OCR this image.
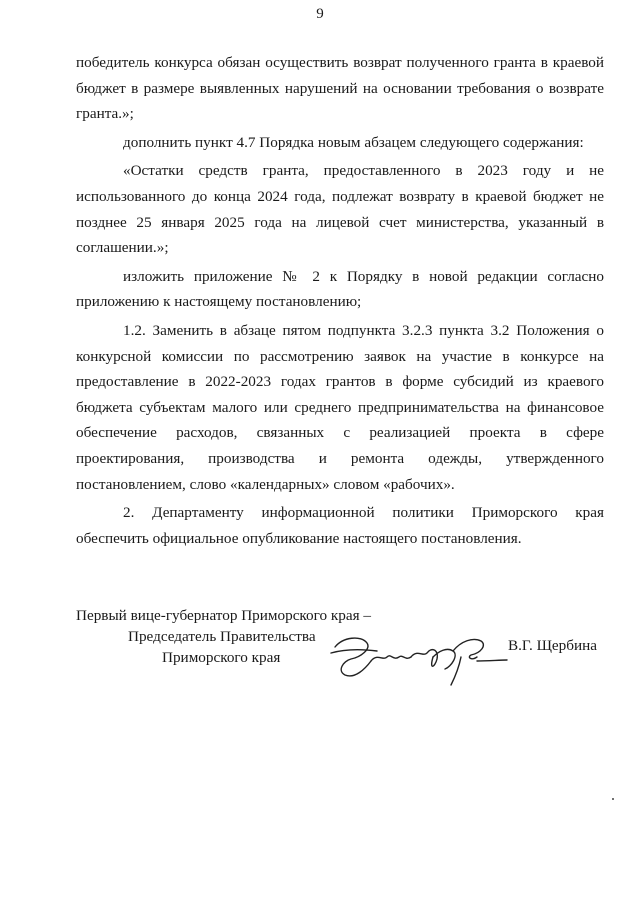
9

победитель конкурса обязан осуществить возврат полученного гранта в краевой бюджет в размере выявленных нарушений на основании требования о возврате гранта.»;

дополнить пункт 4.7 Порядка новым абзацем следующего содержания:

«Остатки средств гранта, предоставленного в 2023 году и не использованного до конца 2024 года, подлежат возврату в краевой бюджет не позднее 25 января 2025 года на лицевой счет министерства, указанный в соглашении.»;

изложить приложение № 2 к Порядку в новой редакции согласно приложению к настоящему постановлению;

1.2. Заменить в абзаце пятом подпункта 3.2.3 пункта 3.2 Положения о конкурсной комиссии по рассмотрению заявок на участие в конкурсе на предоставление в 2022-2023 годах грантов в форме субсидий из краевого бюджета субъектам малого или среднего предпринимательства на финансовое обеспечение расходов, связанных с реализацией проекта в сфере проектирования, производства и ремонта одежды, утвержденного постановлением, слово «календарных» словом «рабочих».

2. Департаменту информационной политики Приморского края обеспечить официальное опубликование настоящего постановления.

Первый вице-губернатор Приморского края –
Председатель Правительства
Приморского края
В.Г. Щербина
